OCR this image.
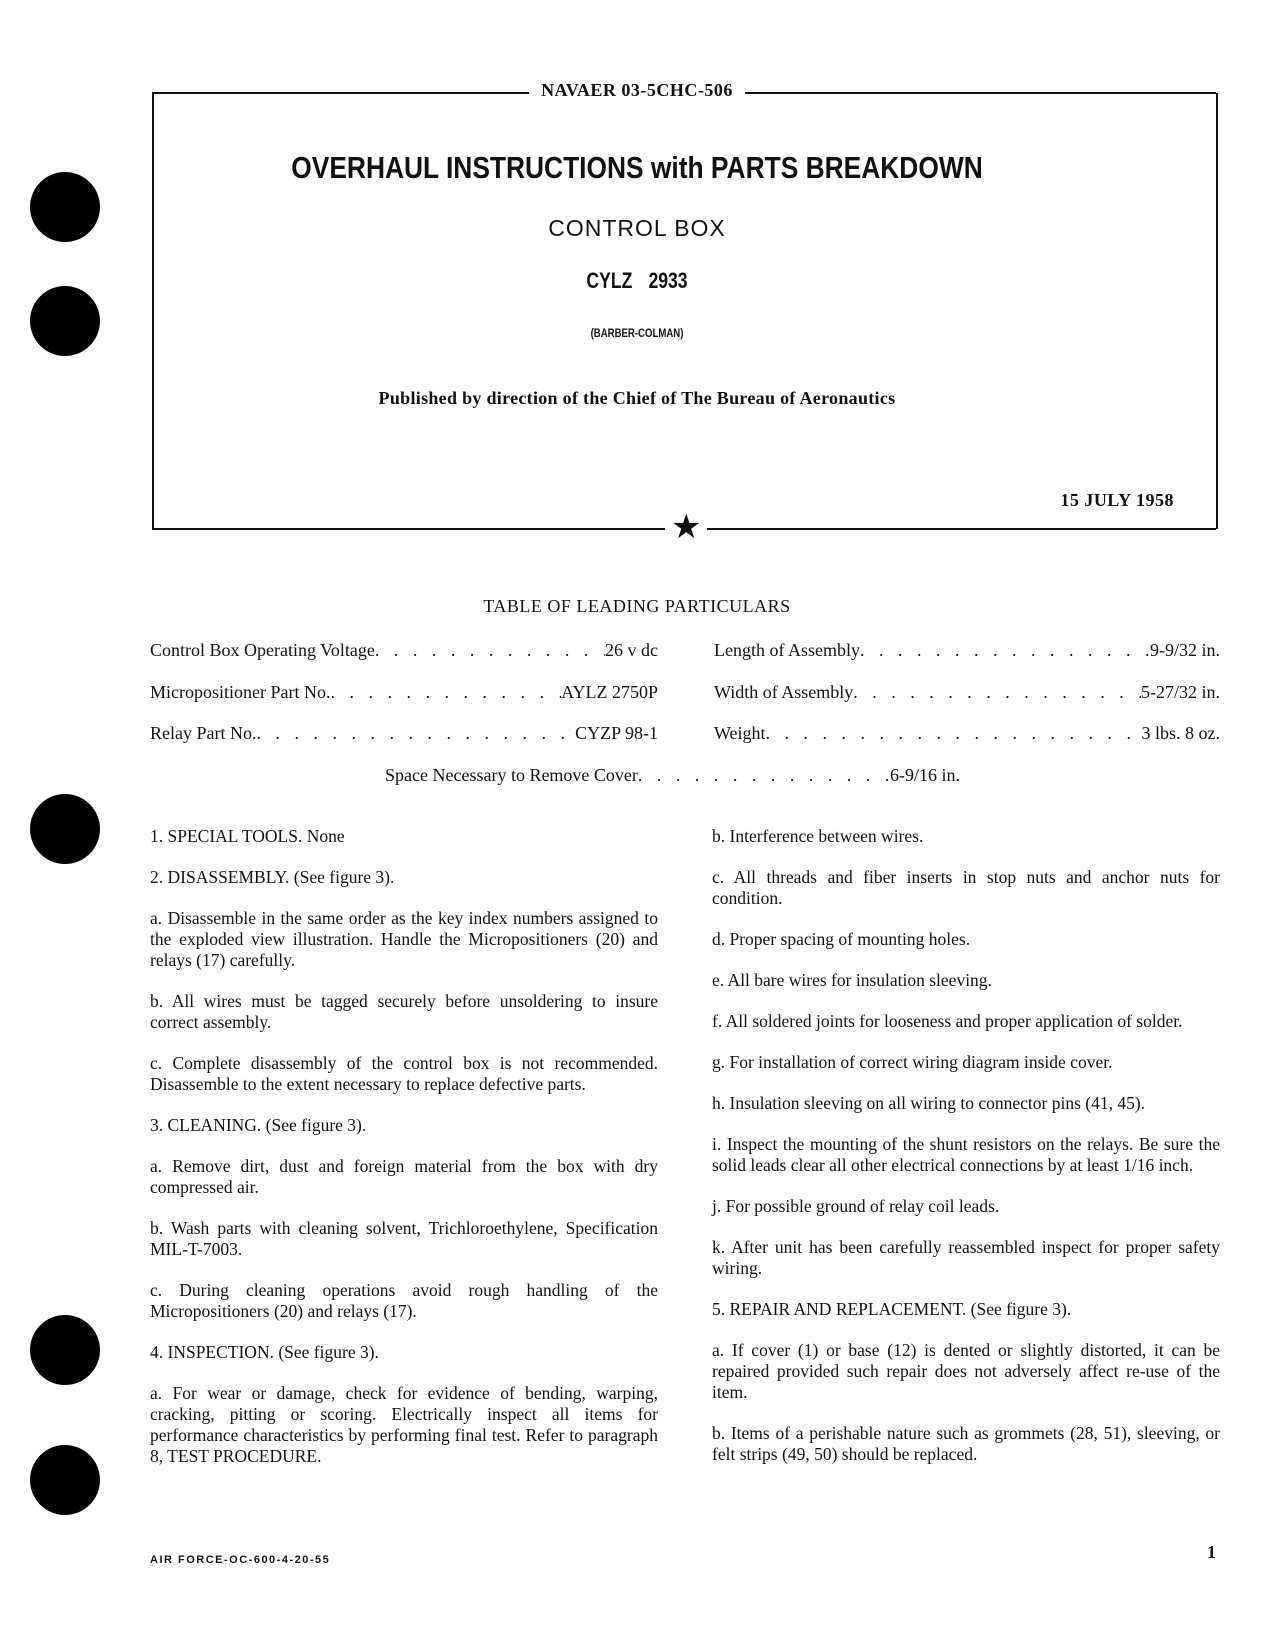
NAVAER 03-5CHC-506
OVERHAUL INSTRUCTIONS with PARTS BREAKDOWN
CONTROL BOX
CYLZ 2933
(BARBER-COLMAN)
Published by direction of the Chief of The Bureau of Aeronautics
15 JULY 1958
★
TABLE OF LEADING PARTICULARS
Control Box Operating Voltage . . .	26 v dc
Micropositioner Part No. . . .	AYLZ 2750P
Relay Part No. . . .	CYZP 98-1
Length of Assembly . . .	9-9/32 in.
Width of Assembly . . .	5-27/32 in.
Weight . . .	3 lbs. 8 oz.
Space Necessary to Remove Cover . . .	6-9/16 in.

1. SPECIAL TOOLS. None

2. DISASSEMBLY. (See figure 3).

a. Disassemble in the same order as the key index numbers assigned to the exploded view illustration. Handle the Micropositioners (20) and relays (17) carefully.

b. All wires must be tagged securely before unsoldering to insure correct assembly.

c. Complete disassembly of the control box is not recommended. Disassemble to the extent necessary to replace defective parts.

3. CLEANING. (See figure 3).

a. Remove dirt, dust and foreign material from the box with dry compressed air.

b. Wash parts with cleaning solvent, Trichloroethylene, Specification MIL-T-7003.

c. During cleaning operations avoid rough handling of the Micropositioners (20) and relays (17).

4. INSPECTION. (See figure 3).

a. For wear or damage, check for evidence of bending, warping, cracking, pitting or scoring. Electrically inspect all items for performance characteristics by performing final test. Refer to paragraph 8, TEST PROCEDURE.

b. Interference between wires.

c. All threads and fiber inserts in stop nuts and anchor nuts for condition.

d. Proper spacing of mounting holes.

e. All bare wires for insulation sleeving.

f. All soldered joints for looseness and proper application of solder.

g. For installation of correct wiring diagram inside cover.

h. Insulation sleeving on all wiring to connector pins (41, 45).

i. Inspect the mounting of the shunt resistors on the relays. Be sure the solid leads clear all other electrical connections by at least 1/16 inch.

j. For possible ground of relay coil leads.

k. After unit has been carefully reassembled inspect for proper safety wiring.

5. REPAIR AND REPLACEMENT. (See figure 3).

a. If cover (1) or base (12) is dented or slightly distorted, it can be repaired provided such repair does not adversely affect re-use of the item.

b. Items of a perishable nature such as grommets (28, 51), sleeving, or felt strips (49, 50) should be replaced.

AIR FORCE-OC-600-4-20-55	1
